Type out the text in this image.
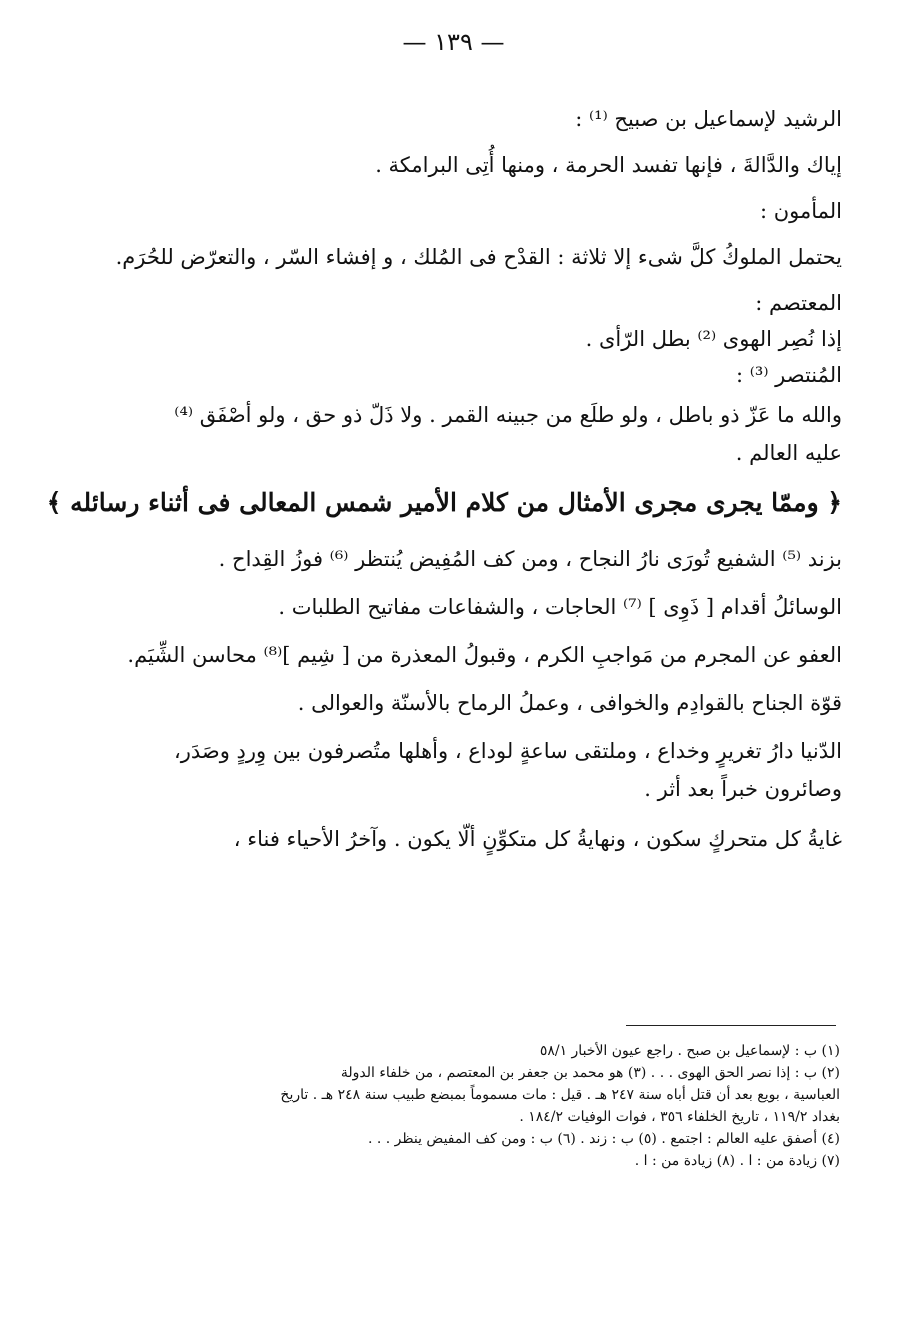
— ١٣٩ —

الرشيد لإسماعيل بن صبيح ⁽¹⁾ :

إياك والدَّالةَ ، فإنها تفسد الحرمة ، ومنها أُتِى البرامكة .

المأمون :

يحتمل الملوكُ كلَّ شىء إلا ثلاثة : القدْح فى المُلك ، و إفشاء السّر ، والتعرّض للحُرَم.

المعتصم :

إذا نُصِر الهوى ⁽²⁾ بطل الرّأى .

المُنتصر ⁽³⁾ :

والله ما عَزّ ذو باطل ، ولو طلَع من جبينه القمر . ولا ذَلّ ذو حق ، ولو أصْفَق ⁽⁴⁾

عليه العالم .

﴿ وممّا يجرى مجرى الأمثال من كلام الأمير شمس المعالى فى أثناء رسائله ﴾

بزند ⁽⁵⁾ الشفيع تُورَى نارُ النجاح ، ومن كف المُفِيض يُنتظر ⁽⁶⁾ فوزُ القِداح .

الوسائلُ أقدام [ ذَوِى ] ⁽⁷⁾ الحاجات ، والشفاعات مفاتيح الطلبات .

العفو عن المجرم من مَواجبِ الكرم ، وقبولُ المعذرة من [ شِيم ]⁽⁸⁾ محاسن الشِّيَم.

قوّة الجناح بالقوادِم والخوافى ، وعملُ الرماح بالأسنّة والعوالى .

الدّنيا دارُ تغريرٍ وخداع ، وملتقى ساعةٍ لوداع ، وأهلها متُصرفون بين وِردٍ وصَدَر،

وصائرون خبراً بعد أثر .

غايةُ كل متحركٍ سكون ، ونهايةُ كل متكوِّنٍ ألّا يكون . وآخرُ الأحياء فناء ،

(١) ب : لإسماعيل بن صبح . راجع عيون الأخبار ٥٨/١

(٢) ب : إذا نصر الحق الهوى . . . (٣) هو محمد بن جعفر بن المعتصم ، من خلفاء الدولة

العباسية ، بويع بعد أن قتل أباه سنة ٢٤٧ هـ . قيل : مات مسموماً بمبضع طبيب سنة ٢٤٨ هـ . تاريخ

بغداد ١١٩/٢ ، تاريخ الخلفاء ٣٥٦ ، فوات الوفيات ١٨٤/٢ .

(٤) أصفق عليه العالم : اجتمع . (٥) ب : زند . (٦) ب : ومن كف المفيض ينظر . . .

(٧) زيادة من : ا . (٨) زيادة من : ا .
